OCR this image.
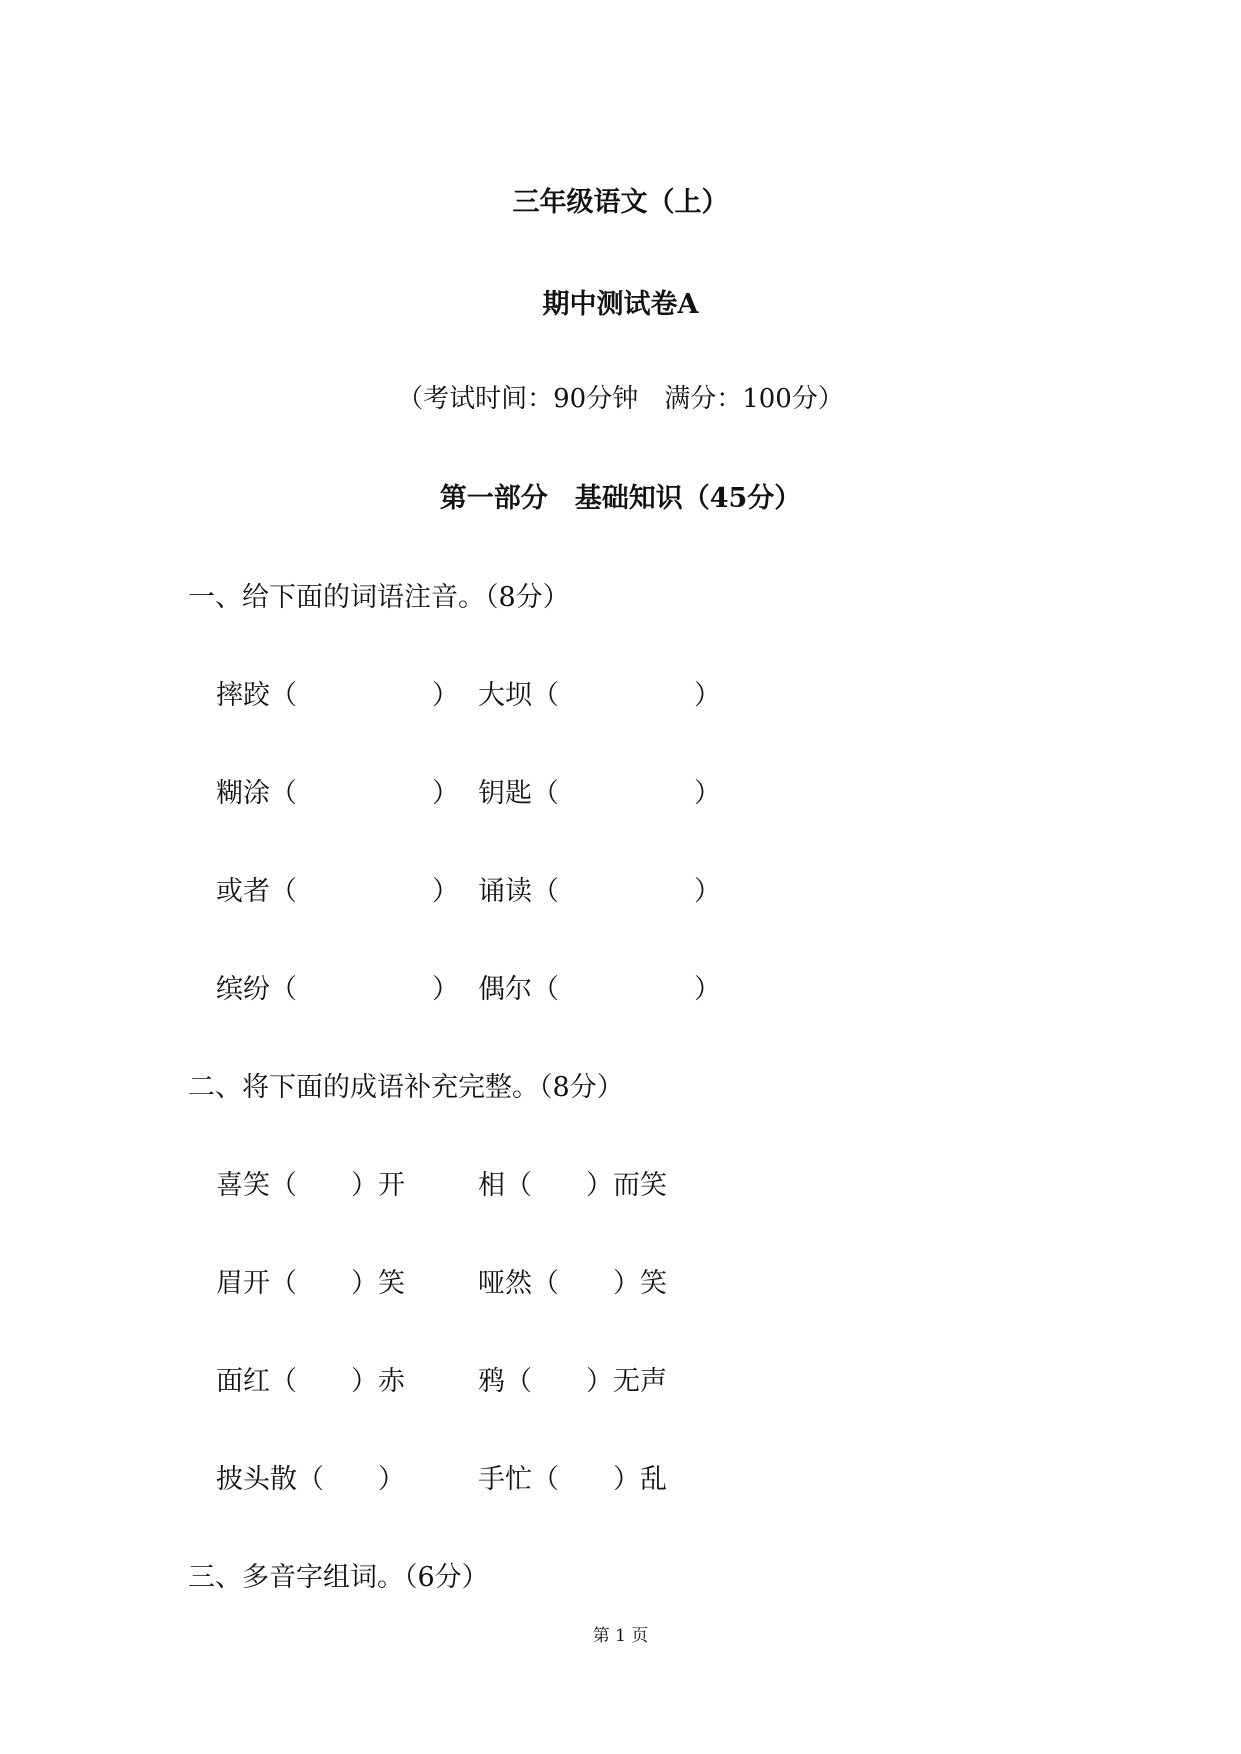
三年级语文（上）
期中测试卷A
（考试时间：90分钟　满分：100分）
第一部分　基础知识（45分）
一、给下面的词语注音。（8分）
摔跤（　　　　　） 大坝（　　　　　）
糊涂（　　　　　） 钥匙（　　　　　）
或者（　　　　　） 诵读（　　　　　）
缤纷（　　　　　） 偶尔（　　　　　）
二、将下面的成语补充完整。（8分）
喜笑（　　）开	相（　　）而笑
眉开（　　）笑	哑然（　　）笑
面红（　　）赤	鸦（　　）无声
披头散（　　）	手忙（　　）乱
三、多音字组词。（6分）
第 1 页
